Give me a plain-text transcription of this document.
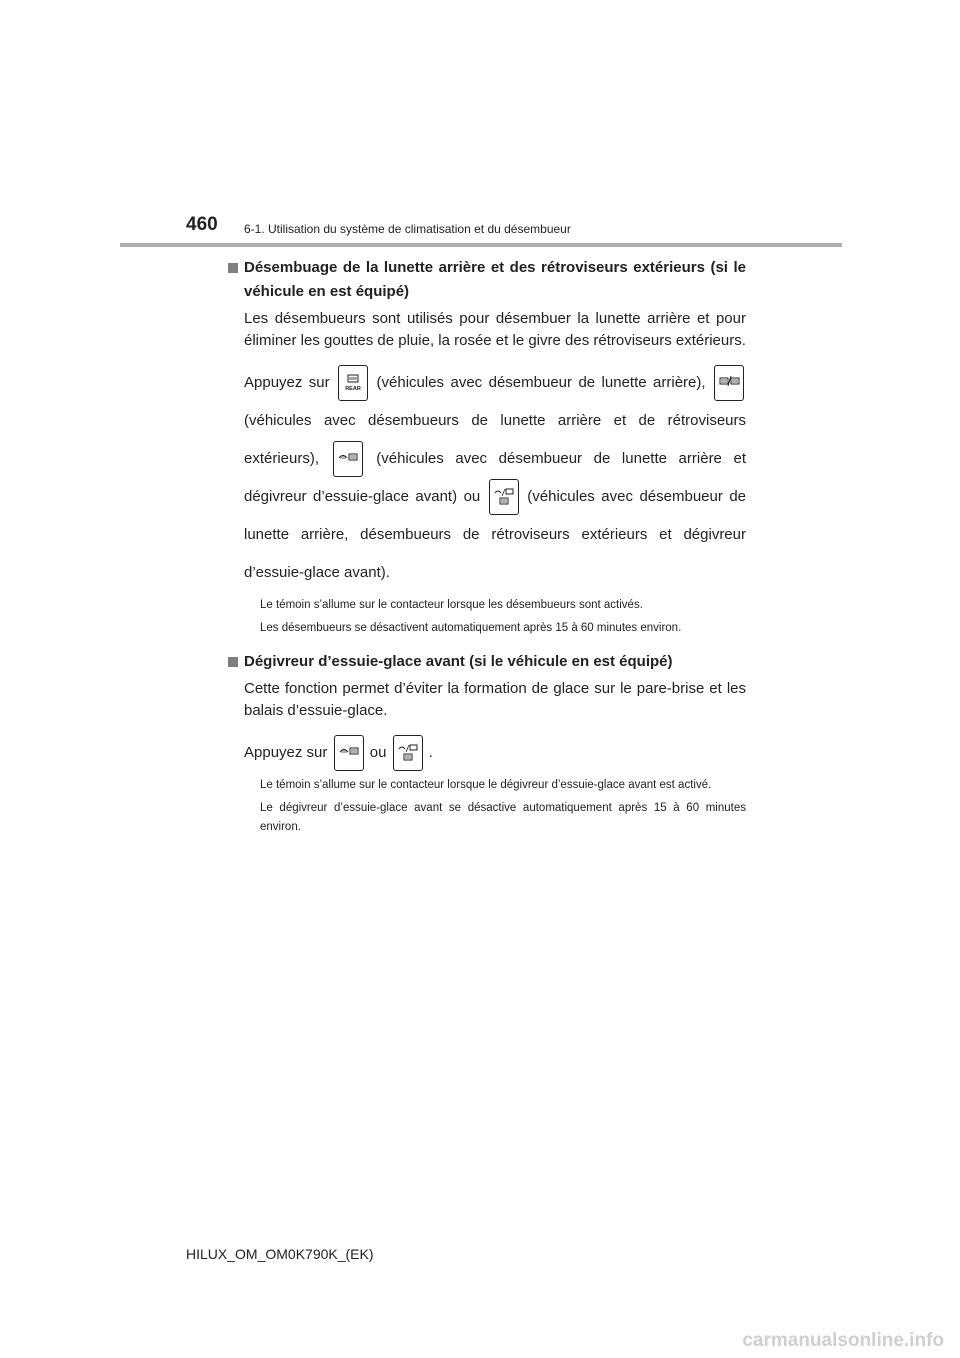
460 6-1. Utilisation du système de climatisation et du désembueur
Désembuage de la lunette arrière et des rétroviseurs extérieurs (si le véhicule en est équipé)
Les désembueurs sont utilisés pour désembuer la lunette arrière et pour éliminer les gouttes de pluie, la rosée et le givre des rétroviseurs extérieurs.
Appuyez sur	REAR (véhicules avec désembueur de lunette arrière),
(véhicules avec désembueurs de lunette arrière et de rétroviseurs extérieurs),	(véhicules avec désembueur de lunette arrière et dégivreur d’essuie-glace avant) ou	(véhicules avec désembueur de lunette arrière, désembueurs de rétroviseurs extérieurs et dégivreur d’essuie-glace avant).
Le témoin s’allume sur le contacteur lorsque les désembueurs sont activés.
Les désembueurs se désactivent automatiquement après 15 à 60 minutes environ.
Dégivreur d’essuie-glace avant (si le véhicule en est équipé)
Cette fonction permet d’éviter la formation de glace sur le pare-brise et les balais d’essuie-glace.
Appuyez sur	ou	.
Le témoin s’allume sur le contacteur lorsque le dégivreur d’essuie-glace avant est activé.
Le dégivreur d’essuie-glace avant se désactive automatiquement après 15 à 60 minutes environ.
HILUX_OM_OM0K790K_(EK)
carmanualsonline.info
